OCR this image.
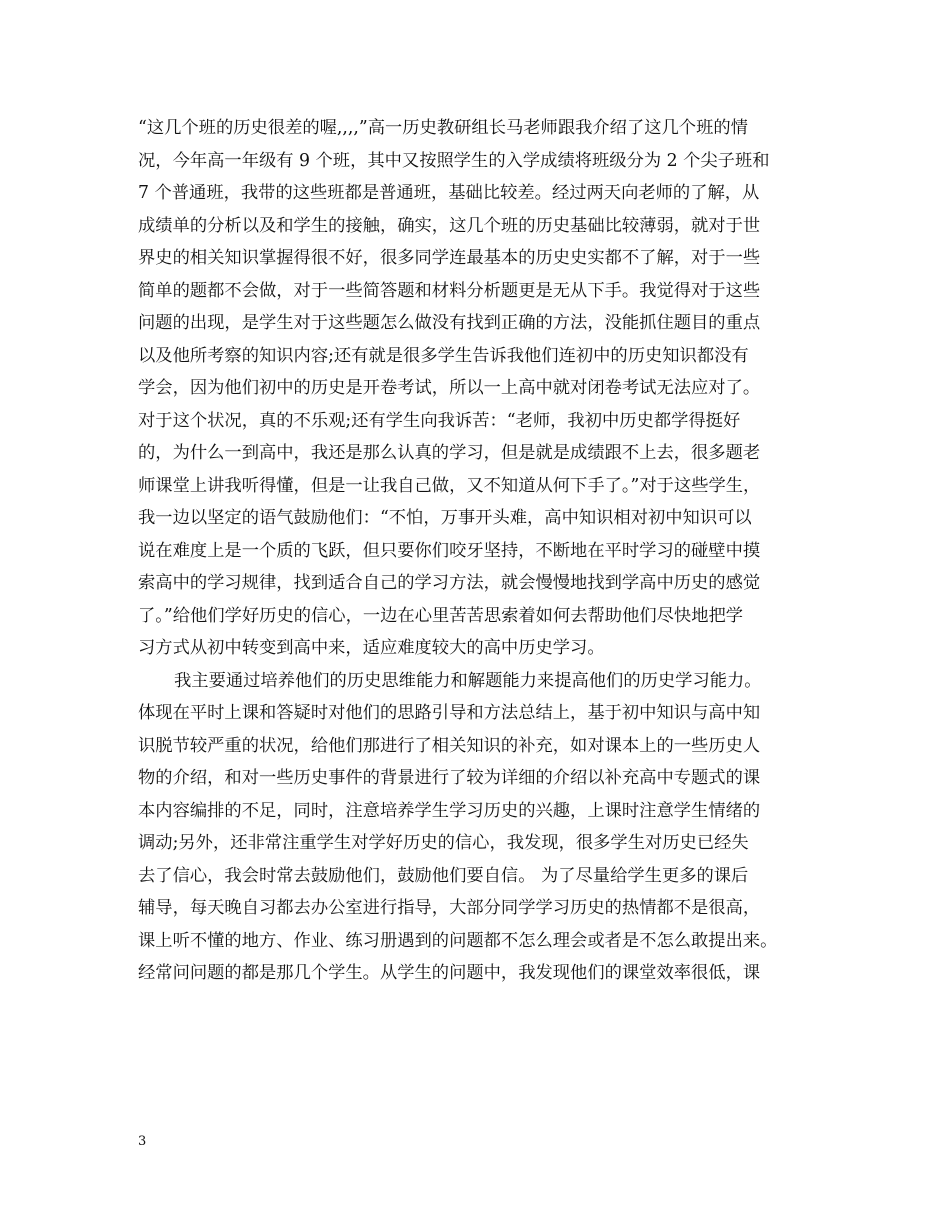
“这几个班的历史很差的喔,,,,”高一历史教研组长马老师跟我介绍了这几个班的情
况，今年高一年级有 9 个班，其中又按照学生的入学成绩将班级分为 2 个尖子班和
7 个普通班，我带的这些班都是普通班，基础比较差。经过两天向老师的了解，从
成绩单的分析以及和学生的接触，确实，这几个班的历史基础比较薄弱，就对于世
界史的相关知识掌握得很不好，很多同学连最基本的历史史实都不了解，对于一些
简单的题都不会做，对于一些简答题和材料分析题更是无从下手。我觉得对于这些
问题的出现，是学生对于这些题怎么做没有找到正确的方法，没能抓住题目的重点
以及他所考察的知识内容;还有就是很多学生告诉我他们连初中的历史知识都没有
学会，因为他们初中的历史是开卷考试，所以一上高中就对闭卷考试无法应对了。
对于这个状况，真的不乐观;还有学生向我诉苦：“老师，我初中历史都学得挺好
的，为什么一到高中，我还是那么认真的学习，但是就是成绩跟不上去，很多题老
师课堂上讲我听得懂，但是一让我自己做，又不知道从何下手了。”对于这些学生，
我一边以坚定的语气鼓励他们：“不怕，万事开头难，高中知识相对初中知识可以
说在难度上是一个质的飞跃，但只要你们咬牙坚持，不断地在平时学习的碰壁中摸
索高中的学习规律，找到适合自己的学习方法，就会慢慢地找到学高中历史的感觉
了。”给他们学好历史的信心，一边在心里苦苦思索着如何去帮助他们尽快地把学
习方式从初中转变到高中来，适应难度较大的高中历史学习。
我主要通过培养他们的历史思维能力和解题能力来提高他们的历史学习能力。
体现在平时上课和答疑时对他们的思路引导和方法总结上，基于初中知识与高中知
识脱节较严重的状况，给他们那进行了相关知识的补充，如对课本上的一些历史人
物的介绍，和对一些历史事件的背景进行了较为详细的介绍以补充高中专题式的课
本内容编排的不足，同时，注意培养学生学习历史的兴趣，上课时注意学生情绪的
调动;另外，还非常注重学生对学好历史的信心，我发现，很多学生对历史已经失
去了信心，我会时常去鼓励他们，鼓励他们要自信。 为了尽量给学生更多的课后
辅导，每天晚自习都去办公室进行指导，大部分同学学习历史的热情都不是很高，
课上听不懂的地方、作业、练习册遇到的问题都不怎么理会或者是不怎么敢提出来。
经常问问题的都是那几个学生。从学生的问题中，我发现他们的课堂效率很低，课
3
